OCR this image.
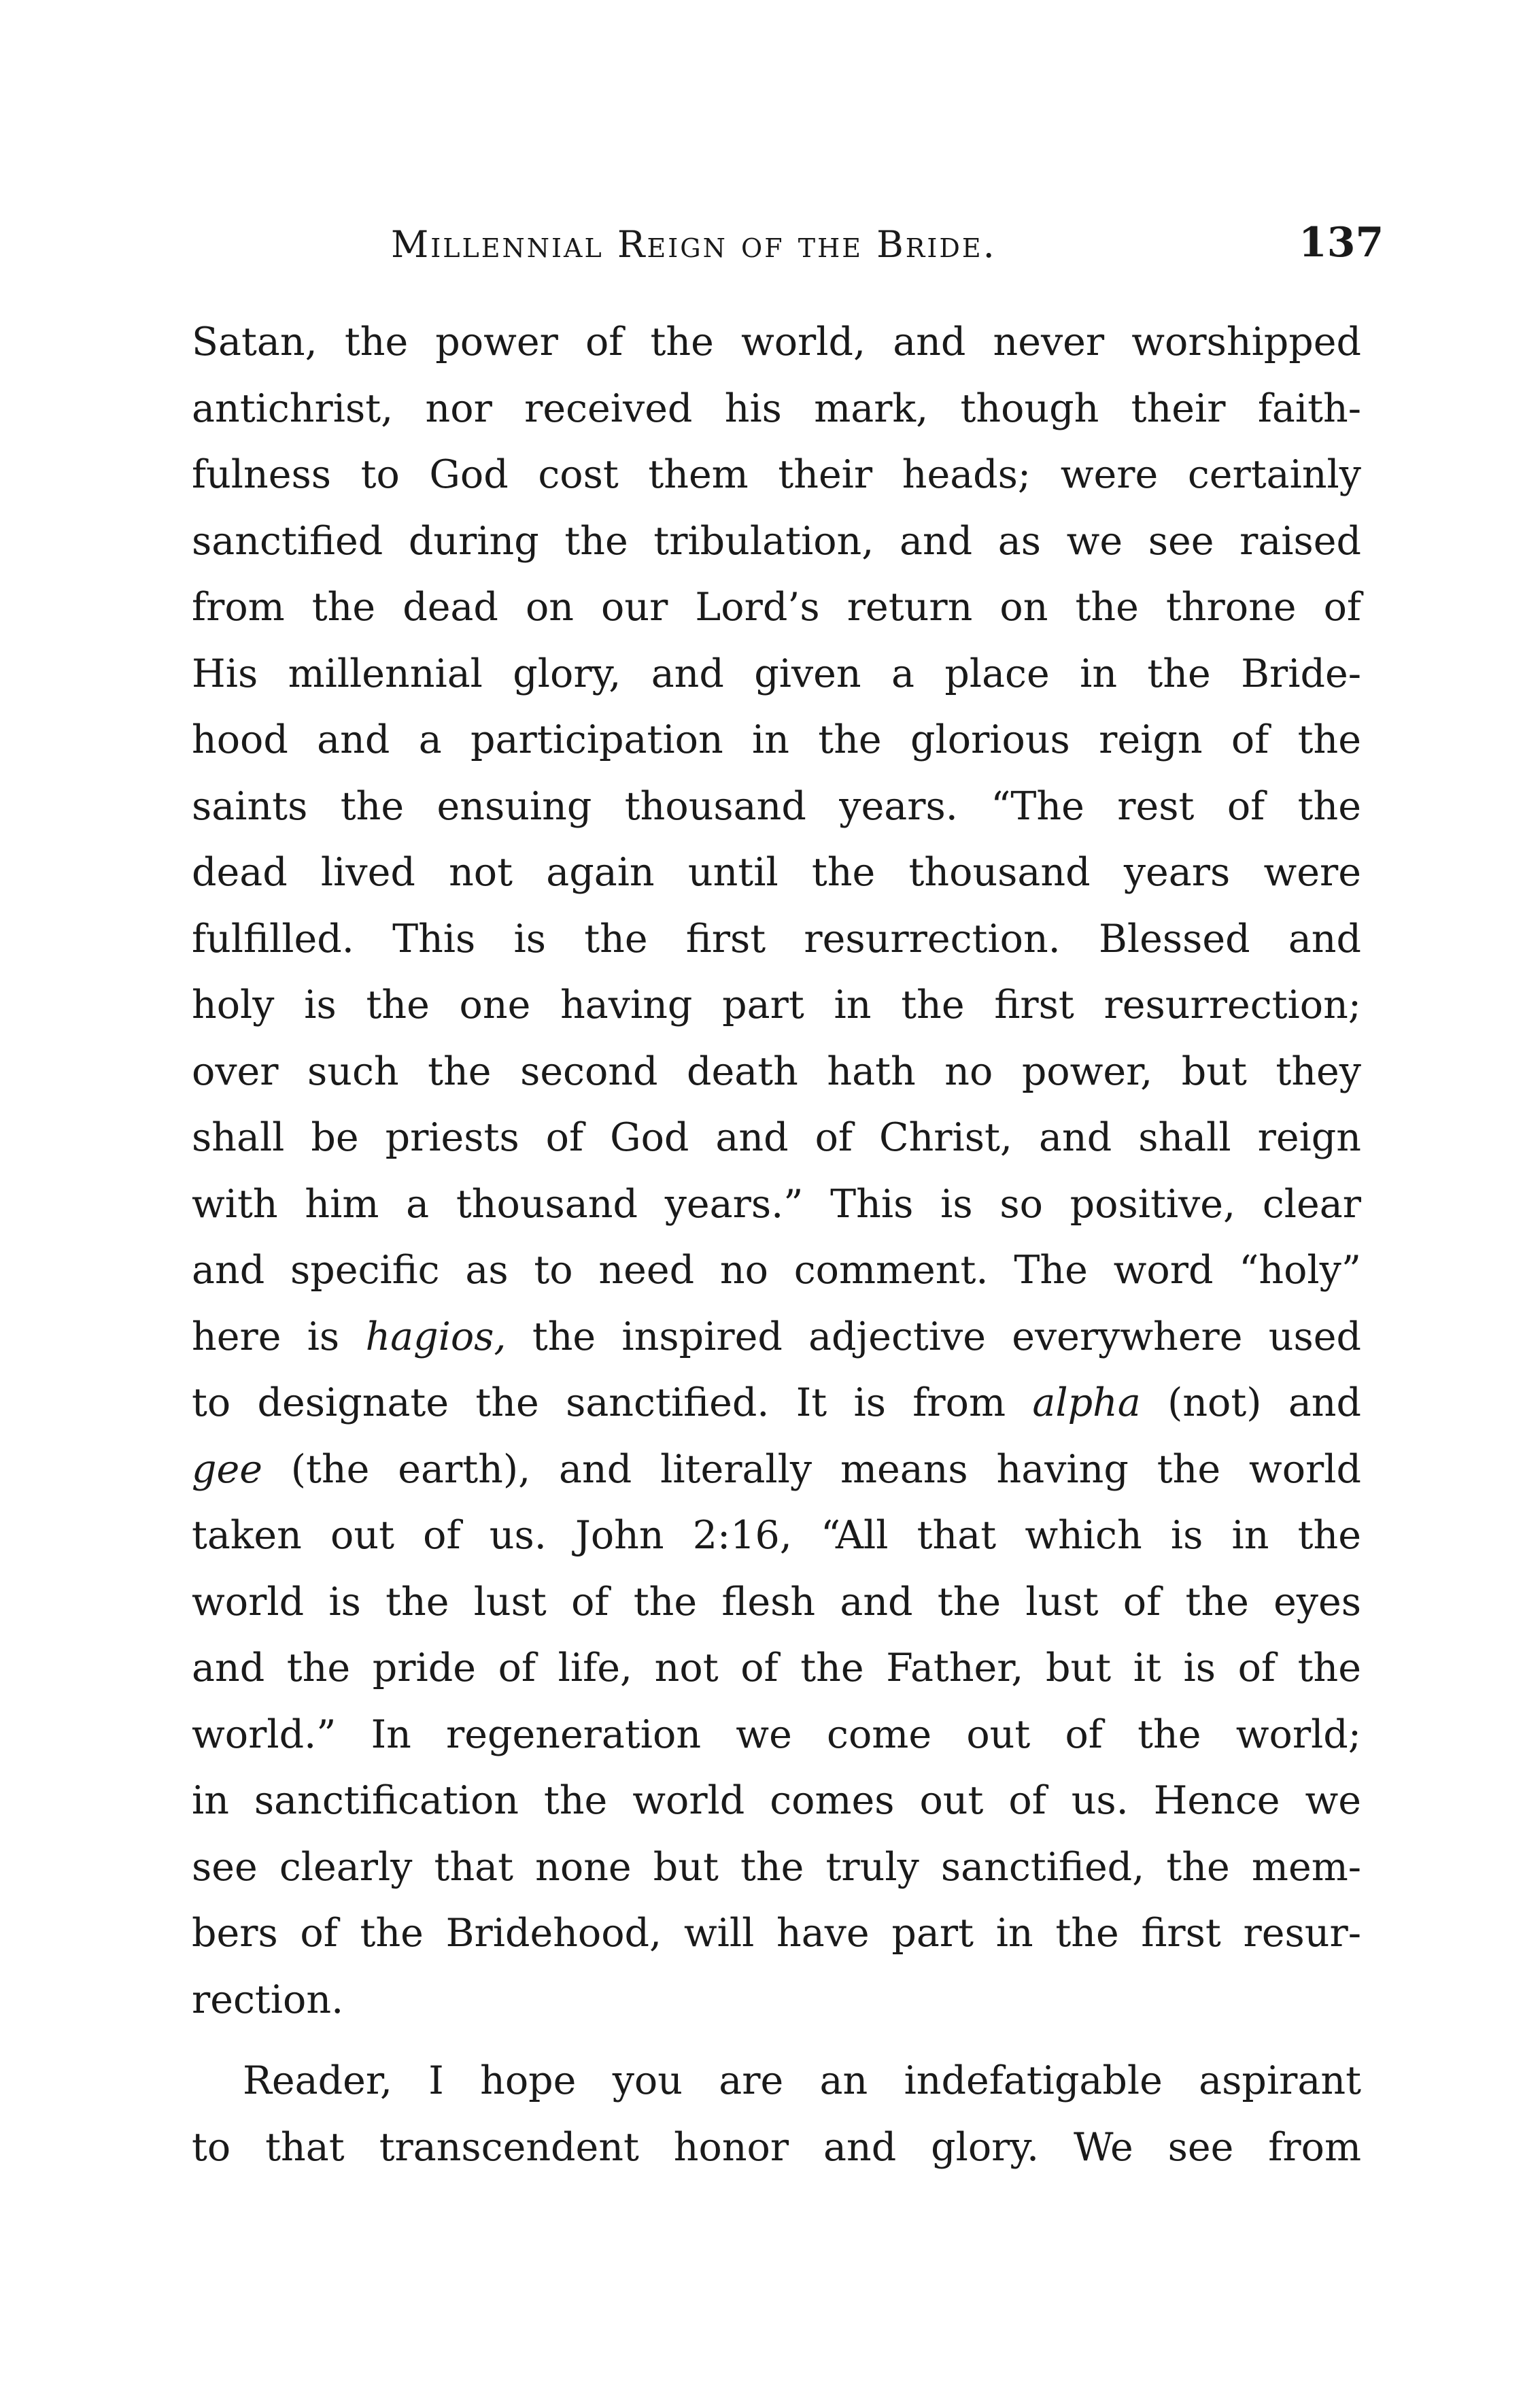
Millennial Reign of the Bride.	137
Satan, the power of the world, and never worshipped
antichrist, nor received his mark, though their faith-
fulness to God cost them their heads; were certainly
sanctified during the tribulation, and as we see raised
from the dead on our Lord’s return on the throne of
His millennial glory, and given a place in the Bride-
hood and a participation in the glorious reign of the
saints the ensuing thousand years. “The rest of the
dead lived not again until the thousand years were
fulfilled. This is the first resurrection. Blessed and
holy is the one having part in the first resurrection;
over such the second death hath no power, but they
shall be priests of God and of Christ, and shall reign
with him a thousand years.” This is so positive, clear
and specific as to need no comment. The word “holy”
here is hagios, the inspired adjective everywhere used
to designate the sanctified. It is from alpha (not) and
gee (the earth), and literally means having the world
taken out of us. John 2:16, “All that which is in the
world is the lust of the flesh and the lust of the eyes
and the pride of life, not of the Father, but it is of the
world.” In regeneration we come out of the world;
in sanctification the world comes out of us. Hence we
see clearly that none but the truly sanctified, the mem-
bers of the Bridehood, will have part in the first resur-
rection.
Reader, I hope you are an indefatigable aspirant
to that transcendent honor and glory. We see from
